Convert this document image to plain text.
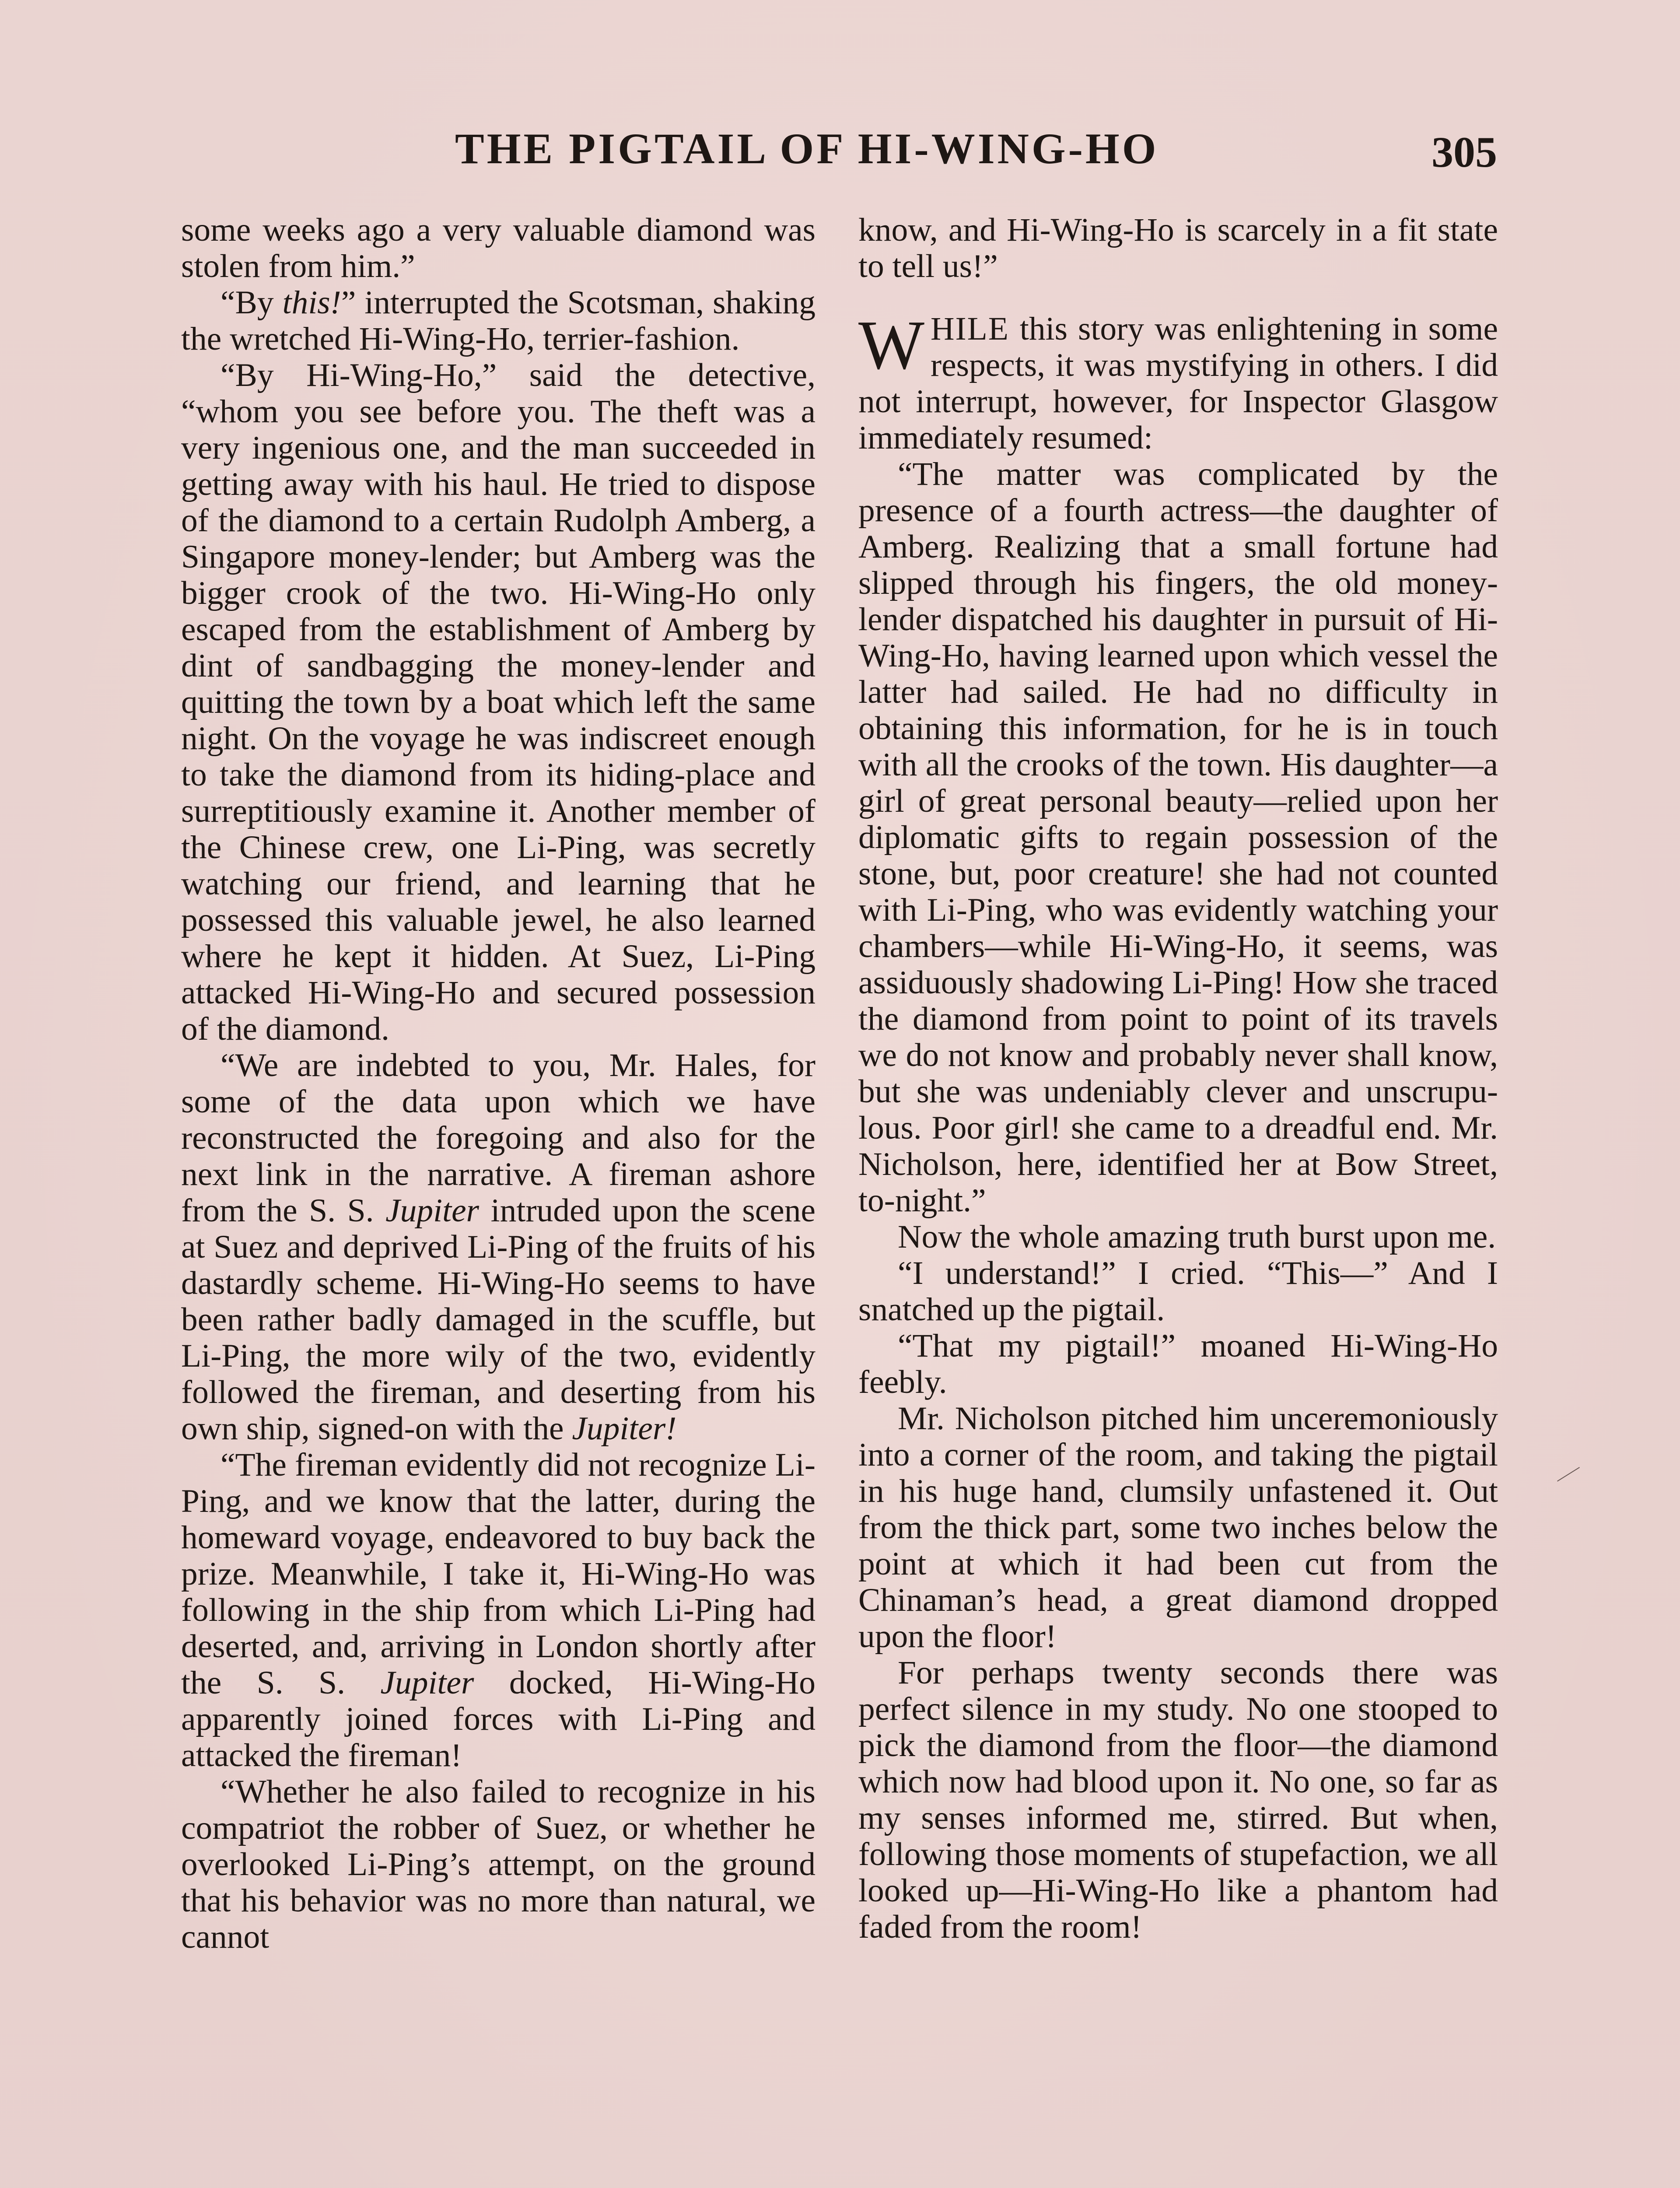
THE PIGTAIL OF HI-WING-HO	305

some weeks ago a very valuable diamond was stolen from him.”

“By this!” interrupted the Scotsman, shaking the wretched Hi-Wing-Ho, terrier-fashion.

“By Hi-Wing-Ho,” said the detective, “whom you see before you. The theft was a very ingenious one, and the man succeeded in getting away with his haul. He tried to dispose of the diamond to a certain Rudolph Amberg, a Singapore money-lender; but Amberg was the bigger crook of the two. Hi-Wing-Ho only escaped from the establishment of Amberg by dint of sandbagging the money-lender and quitting the town by a boat which left the same night. On the voyage he was indiscreet enough to take the diamond from its hiding-place and surreptitiously examine it. Another member of the Chinese crew, one Li-Ping, was secretly watching our friend, and learning that he possessed this valuable jewel, he also learned where he kept it hidden. At Suez, Li-Ping attacked Hi-Wing-Ho and secured possession of the diamond.

“We are indebted to you, Mr. Hales, for some of the data upon which we have reconstructed the foregoing and also for the next link in the narrative. A fireman ashore from the S. S. Jupiter intruded upon the scene at Suez and deprived Li-Ping of the fruits of his dastardly scheme. Hi-Wing-Ho seems to have been rather badly damaged in the scuffle, but Li-Ping, the more wily of the two, evidently followed the fireman, and deserting from his own ship, signed-on with the Jupiter!

“The fireman evidently did not recognize Li-Ping, and we know that the latter, during the homeward voyage, endeavored to buy back the prize. Meanwhile, I take it, Hi-Wing-Ho was following in the ship from which Li-Ping had deserted, and, arriving in London shortly after the S. S. Jupiter docked, Hi-Wing-Ho apparently joined forces with Li-Ping and attacked the fireman!

“Whether he also failed to recognize in his compatriot the robber of Suez, or whether he overlooked Li-Ping’s attempt, on the ground that his behavior was no more than natural, we cannot

know, and Hi-Wing-Ho is scarcely in a fit state to tell us!”

WHILE this story was enlightening in some respects, it was mystifying in others. I did not interrupt, however, for Inspector Glasgow immediately resumed:

“The matter was complicated by the presence of a fourth actress—the daughter of Amberg. Realizing that a small fortune had slipped through his fingers, the old money-lender dispatched his daughter in pursuit of Hi-Wing-Ho, having learned upon which vessel the latter had sailed. He had no difficulty in obtaining this information, for he is in touch with all the crooks of the town. His daughter—a girl of great personal beauty—relied upon her diplomatic gifts to regain possession of the stone, but, poor creature! she had not counted with Li-Ping, who was evidently watching your chambers—while Hi-Wing-Ho, it seems, was assiduously shadowing Li-Ping! How she traced the diamond from point to point of its travels we do not know and probably never shall know, but she was undeniably clever and unscrupulous. Poor girl! she came to a dreadful end. Mr. Nicholson, here, identified her at Bow Street, to-night.”

Now the whole amazing truth burst upon me.

“I understand!” I cried. “This—” And I snatched up the pigtail.

“That my pigtail!” moaned Hi-Wing-Ho feebly.

Mr. Nicholson pitched him unceremoniously into a corner of the room, and taking the pigtail in his huge hand, clumsily unfastened it. Out from the thick part, some two inches below the point at which it had been cut from the Chinaman’s head, a great diamond dropped upon the floor!

For perhaps twenty seconds there was perfect silence in my study. No one stooped to pick the diamond from the floor—the diamond which now had blood upon it. No one, so far as my senses informed me, stirred. But when, following those moments of stupefaction, we all looked up—Hi-Wing-Ho like a phantom had faded from the room!
